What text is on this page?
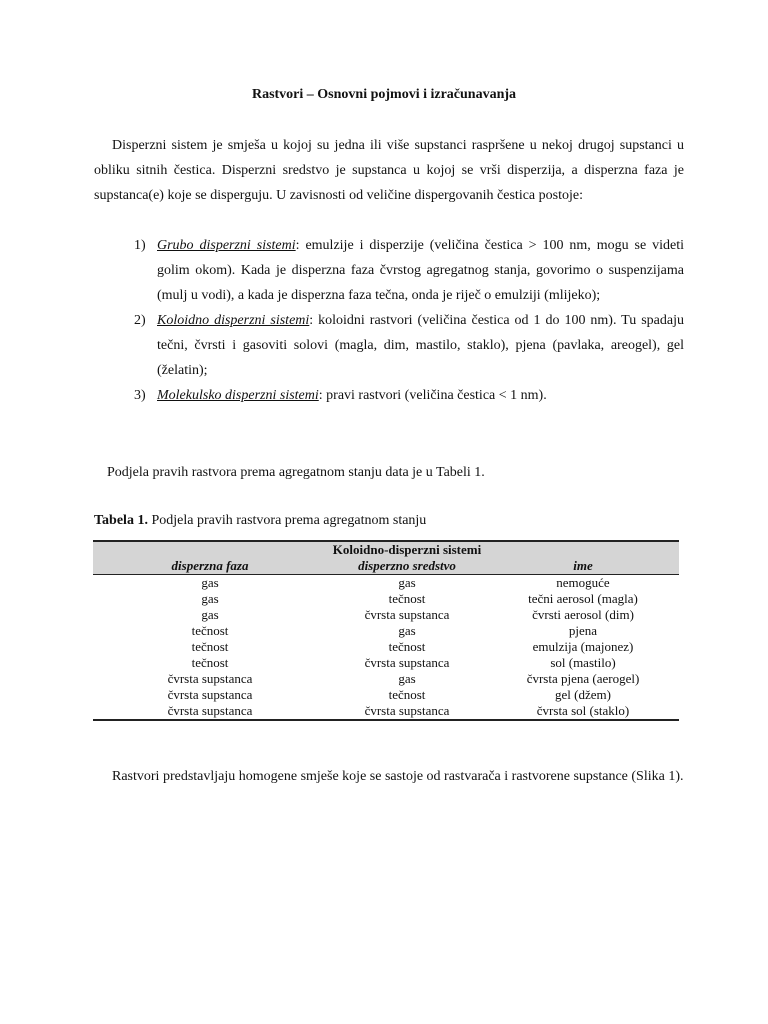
Rastvori – Osnovni pojmovi i izračunavanja
Disperzni sistem je smješa u kojoj su jedna ili više supstanci raspršene u nekoj drugoj supstanci u obliku sitnih čestica. Disperzni sredstvo je supstanca u kojoj se vrši disperzija, a disperzna faza je supstanca(e) koje se disperguju. U zavisnosti od veličine dispergovanih čestica postoje:
1) Grubo disperzni sistemi: emulzije i disperzije (veličina čestica > 100 nm, mogu se videti golim okom). Kada je disperzna faza čvrstog agregatnog stanja, govorimo o suspenzijama (mulj u vodi), a kada je disperzna faza tečna, onda je riječ o emulziji (mlijeko);
2) Koloidno disperzni sistemi: koloidni rastvori (veličina čestica od 1 do 100 nm). Tu spadaju tečni, čvrsti i gasoviti solovi (magla, dim, mastilo, staklo), pjena (pavlaka, areogel), gel (želatin);
3) Molekulsko disperzni sistemi: pravi rastvori (veličina čestica < 1 nm).
Podjela pravih rastvora prema agregatnom stanju data je u Tabeli 1.
Tabela 1. Podjela pravih rastvora prema agregatnom stanju
	Koloidno-disperzni sistemi	
disperzna faza	disperzno sredstvo	ime
gas	gas	nemoguće
gas	tečnost	tečni aerosol (magla)
gas	čvrsta supstanca	čvrsti aerosol (dim)
tečnost	gas	pjena
tečnost	tečnost	emulzija (majonez)
tečnost	čvrsta supstanca	sol (mastilo)
čvrsta supstanca	gas	čvrsta pjena (aerogel)
čvrsta supstanca	tečnost	gel (džem)
čvrsta supstanca	čvrsta supstanca	čvrsta sol (staklo)
Rastvori predstavljaju homogene smješe koje se sastoje od rastvarača i rastvorene supstance (Slika 1).
